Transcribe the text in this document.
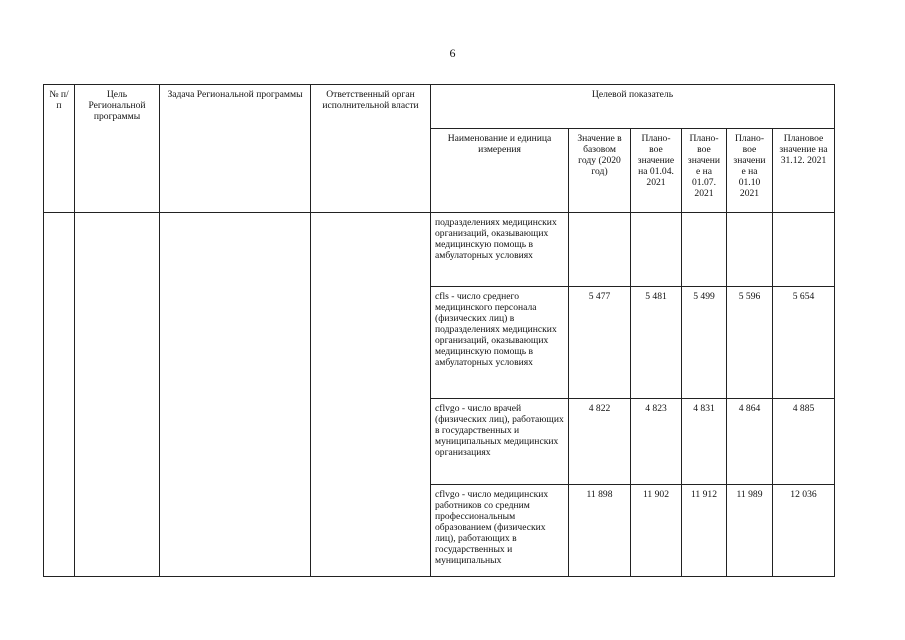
6
№ п/п	Цель Региональной программы	Задача Региональной программы	Ответственный орган исполнительной власти	Целевой показатель					
				Наименование и единица измерения	Значение в базовом году (2020 год)	Плано-вое значение на 01.04. 2021	Плано-вое значени е на 01.07. 2021	Плано-вое значени е на 01.10 2021	Плановое значение на 31.12. 2021
				подразделениях медицинских организаций, оказывающих медицинскую помощь в амбулаторных условиях					
				cfls - число среднего медицинского персонала (физических лиц) в подразделениях медицинских организаций, оказывающих медицинскую помощь в амбулаторных условиях	5 477	5 481	5 499	5 596	5 654
				cflvgo - число врачей (физических лиц), работающих в государственных и муниципальных медицинских организациях	4 822	4 823	4 831	4 864	4 885
				cflvgo - число медицинских работников со средним профессиональным образованием (физических лиц), работающих в государственных и муниципальных	11 898	11 902	11 912	11 989	12 036
